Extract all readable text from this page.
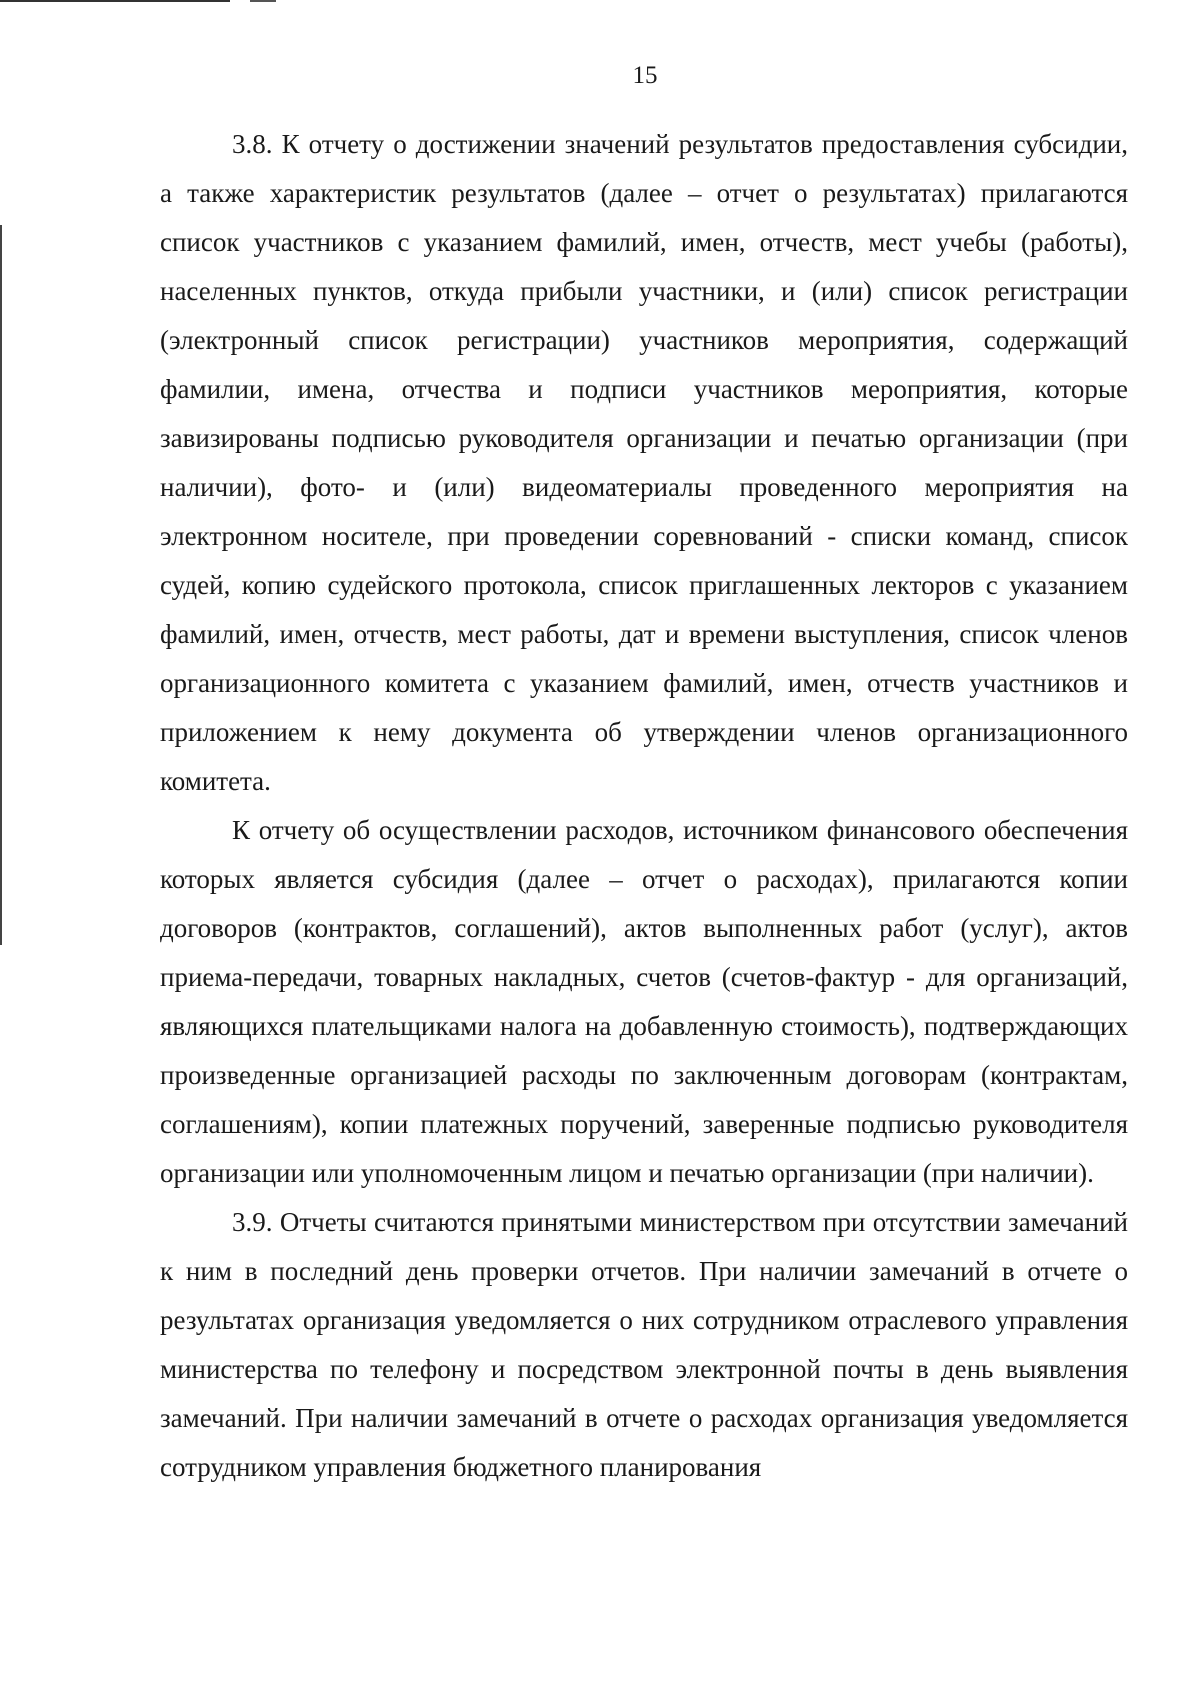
15

3.8. К отчету о достижении значений результатов предоставления субсидии, а также характеристик результатов (далее – отчет о результатах) прилагаются список участников с указанием фамилий, имен, отчеств, мест учебы (работы), населенных пунктов, откуда прибыли участники, и (или) список регистрации (электронный список регистрации) участников мероприятия, содержащий фамилии, имена, отчества и подписи участников мероприятия, которые завизированы подписью руководителя организации и печатью организации (при наличии), фото- и (или) видеоматериалы проведенного мероприятия на электронном носителе, при проведении соревнований - списки команд, список судей, копию судейского протокола, список приглашенных лекторов с указанием фамилий, имен, отчеств, мест работы, дат и времени выступления, список членов организационного комитета с указанием фамилий, имен, отчеств участников и приложением к нему документа об утверждении членов организационного комитета.

К отчету об осуществлении расходов, источником финансового обеспечения которых является субсидия (далее – отчет о расходах), прилагаются копии договоров (контрактов, соглашений), актов выполненных работ (услуг), актов приема-передачи, товарных накладных, счетов (счетов-фактур - для организаций, являющихся плательщиками налога на добавленную стоимость), подтверждающих произведенные организацией расходы по заключенным договорам (контрактам, соглашениям), копии платежных поручений, заверенные подписью руководителя организации или уполномоченным лицом и печатью организации (при наличии).

3.9. Отчеты считаются принятыми министерством при отсутствии замечаний к ним в последний день проверки отчетов. При наличии замечаний в отчете о результатах организация уведомляется о них сотрудником отраслевого управления министерства по телефону и посредством электронной почты в день выявления замечаний. При наличии замечаний в отчете о расходах организация уведомляется сотрудником управления бюджетного планирования
